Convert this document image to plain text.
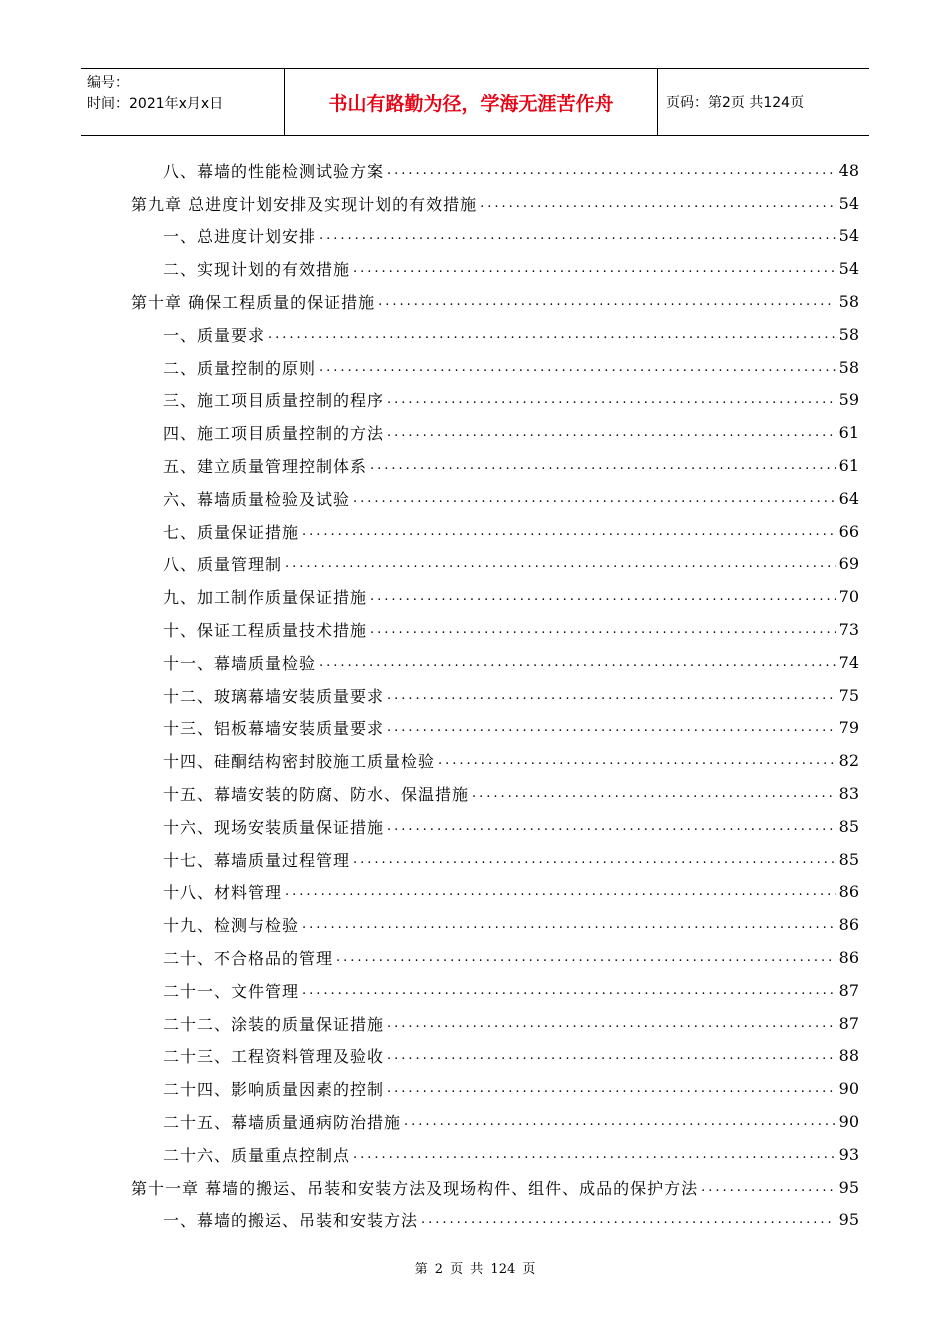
编号：
时间：2021年x月x日	书山有路勤为径，学海无涯苦作舟	页码：第2页 共124页
八、幕墙的性能检测试验方案 .....	48
第九章 总进度计划安排及实现计划的有效措施 .....	54
一、总进度计划安排 .....	54
二、实现计划的有效措施 .....	54
第十章 确保工程质量的保证措施 .....	58
一、质量要求 .....	58
二、质量控制的原则 .....	58
三、施工项目质量控制的程序 .....	59
四、施工项目质量控制的方法 .....	61
五、建立质量管理控制体系 .....	61
六、幕墙质量检验及试验 .....	64
七、质量保证措施 .....	66
八、质量管理制 .....	69
九、加工制作质量保证措施 .....	70
十、保证工程质量技术措施 .....	73
十一、幕墙质量检验 .....	74
十二、玻璃幕墙安装质量要求 .....	75
十三、铝板幕墙安装质量要求 .....	79
十四、硅酮结构密封胶施工质量检验 .....	82
十五、幕墙安装的防腐、防水、保温措施 .....	83
十六、现场安装质量保证措施 .....	85
十七、幕墙质量过程管理 .....	85
十八、材料管理 .....	86
十九、检测与检验 .....	86
二十、不合格品的管理 .....	86
二十一、文件管理 .....	87
二十二、涂装的质量保证措施 .....	87
二十三、工程资料管理及验收 .....	88
二十四、影响质量因素的控制 .....	90
二十五、幕墙质量通病防治措施 .....	90
二十六、质量重点控制点 .....	93
第十一章 幕墙的搬运、吊装和安装方法及现场构件、组件、成品的保护方法 .....	95
一、幕墙的搬运、吊装和安装方法 .....	95
第 2 页 共 124 页
